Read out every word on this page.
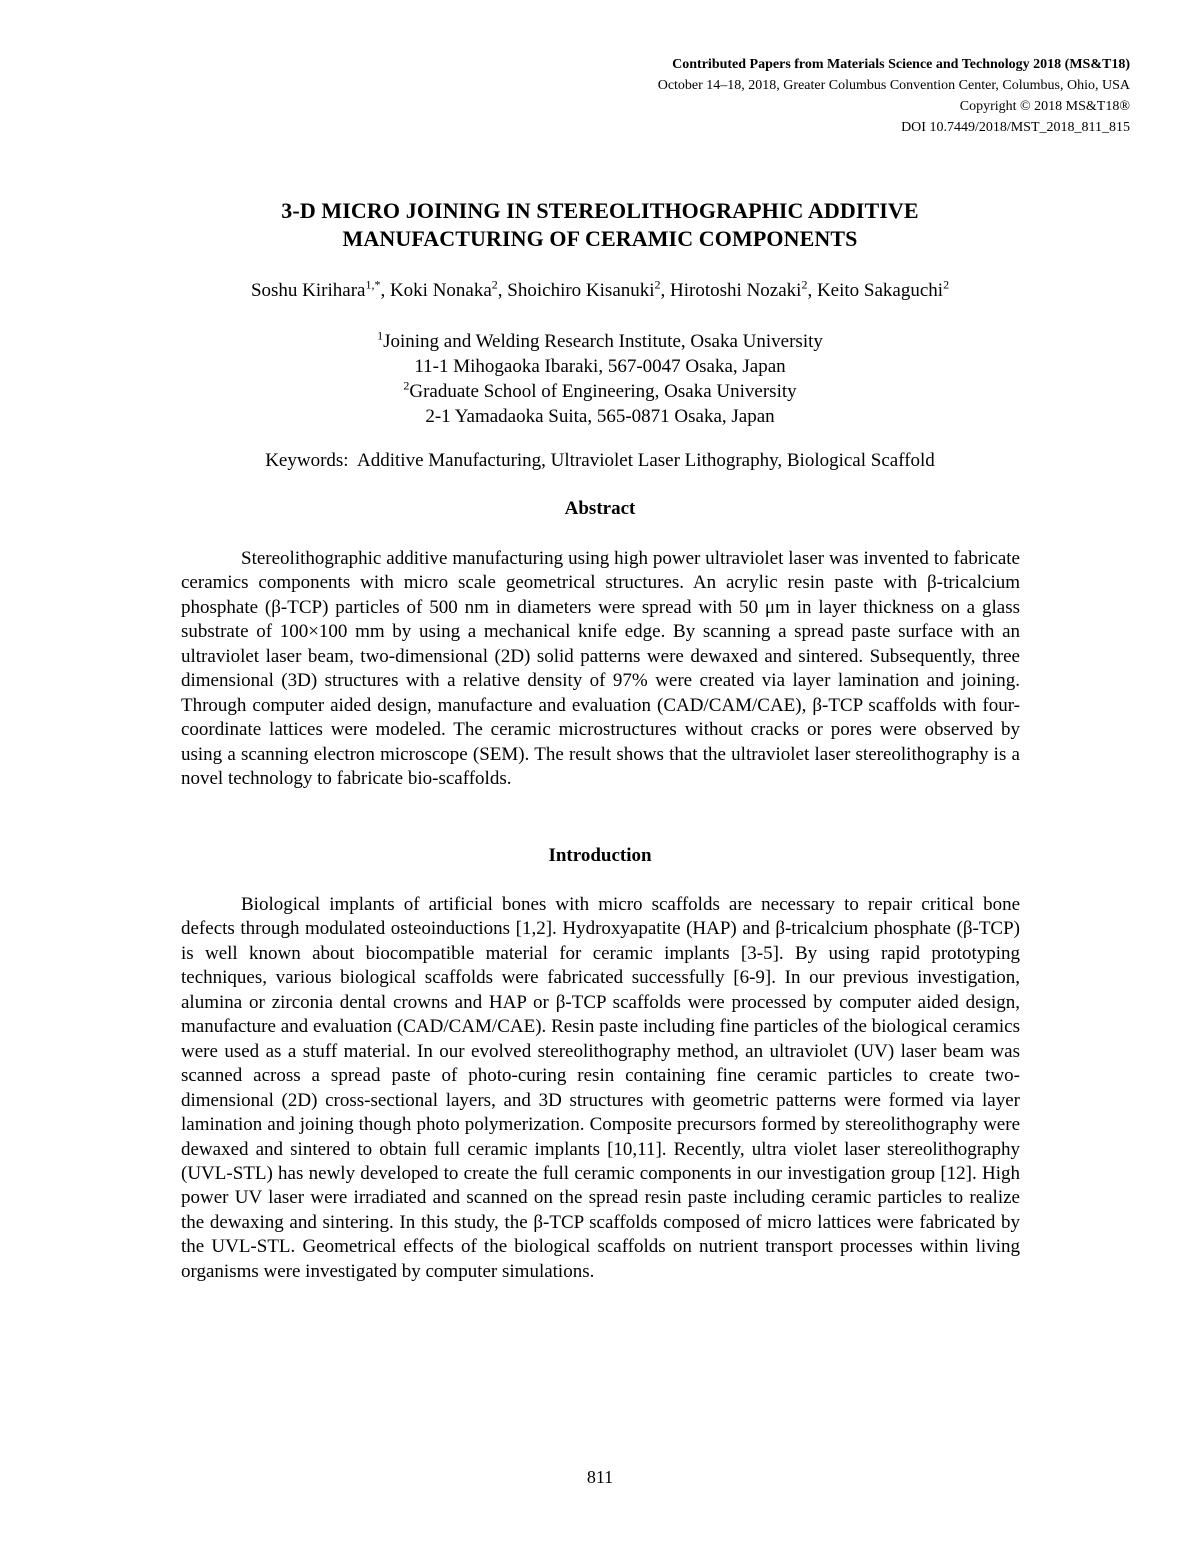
Contributed Papers from Materials Science and Technology 2018 (MS&T18)
October 14–18, 2018, Greater Columbus Convention Center, Columbus, Ohio, USA
Copyright © 2018 MS&T18®
DOI 10.7449/2018/MST_2018_811_815
3-D MICRO JOINING IN STEREOLITHOGRAPHIC ADDITIVE
MANUFACTURING OF CERAMIC COMPONENTS
Soshu Kirihara$^{1,*}$, Koki Nonaka$^2$, Shoichiro Kisanuki$^2$, Hirotoshi Nozaki$^2$, Keito Sakaguchi$^2$
$^1$Joining and Welding Research Institute, Osaka University
11-1 Mihogaoka Ibaraki, 567-0047 Osaka, Japan
$^2$Graduate School of Engineering, Osaka University
2-1 Yamadaoka Suita, 565-0871 Osaka, Japan
Keywords:  Additive Manufacturing, Ultraviolet Laser Lithography, Biological Scaffold
Abstract

Stereolithographic additive manufacturing using high power ultraviolet laser was invented to fabricate ceramics components with micro scale geometrical structures. An acrylic resin paste with β-tricalcium phosphate (β-TCP) particles of 500 nm in diameters were spread with 50 μm in layer thickness on a glass substrate of 100×100 mm by using a mechanical knife edge. By scanning a spread paste surface with an ultraviolet laser beam, two-dimensional (2D) solid patterns were dewaxed and sintered. Subsequently, three dimensional (3D) structures with a relative density of 97% were created via layer lamination and joining. Through computer aided design, manufacture and evaluation (CAD/CAM/CAE), β-TCP scaffolds with four-coordinate lattices were modeled. The ceramic microstructures without cracks or pores were observed by using a scanning electron microscope (SEM). The result shows that the ultraviolet laser stereolithography is a novel technology to fabricate bio-scaffolds.

Introduction

Biological implants of artificial bones with micro scaffolds are necessary to repair critical bone defects through modulated osteoinductions [1,2]. Hydroxyapatite (HAP) and β-tricalcium phosphate (β-TCP) is well known about biocompatible material for ceramic implants [3-5]. By using rapid prototyping techniques, various biological scaffolds were fabricated successfully [6-9]. In our previous investigation, alumina or zirconia dental crowns and HAP or β-TCP scaffolds were processed by computer aided design, manufacture and evaluation (CAD/CAM/CAE). Resin paste including fine particles of the biological ceramics were used as a stuff material. In our evolved stereolithography method, an ultraviolet (UV) laser beam was scanned across a spread paste of photo-curing resin containing fine ceramic particles to create two-dimensional (2D) cross-sectional layers, and 3D structures with geometric patterns were formed via layer lamination and joining though photo polymerization. Composite precursors formed by stereolithography were dewaxed and sintered to obtain full ceramic implants [10,11]. Recently, ultra violet laser stereolithography (UVL-STL) has newly developed to create the full ceramic components in our investigation group [12]. High power UV laser were irradiated and scanned on the spread resin paste including ceramic particles to realize the dewaxing and sintering. In this study, the β-TCP scaffolds composed of micro lattices were fabricated by the UVL-STL. Geometrical effects of the biological scaffolds on nutrient transport processes within living organisms were investigated by computer simulations.

811
